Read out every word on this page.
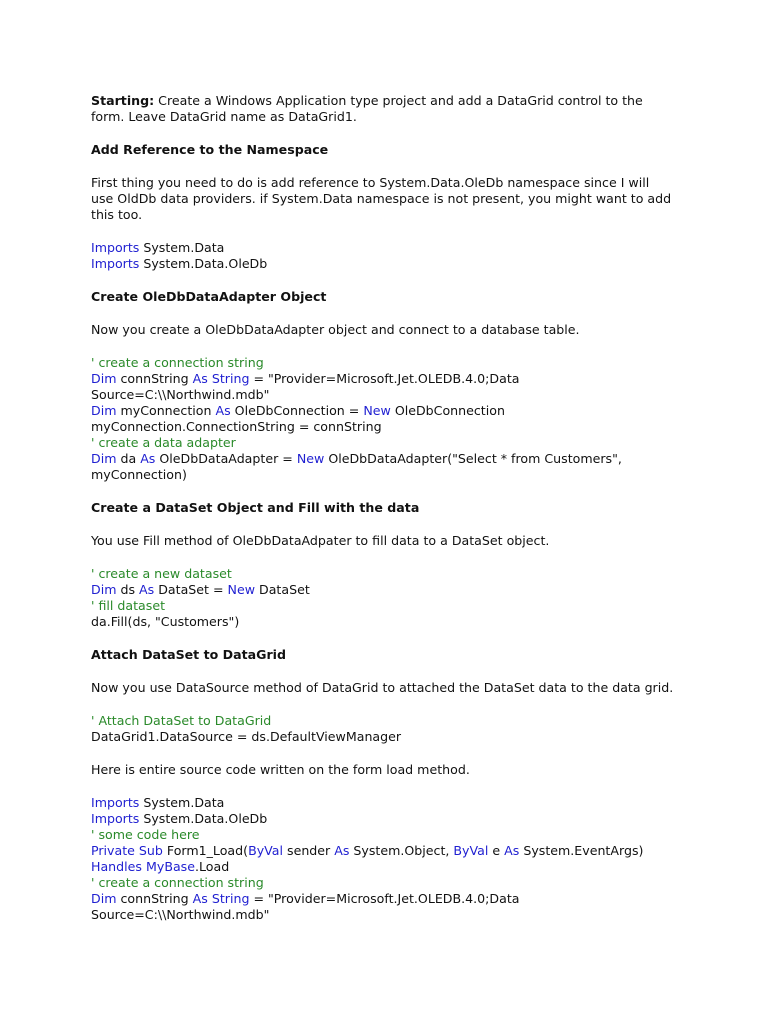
Starting: Create a Windows Application type project and add a DataGrid control to the
form. Leave DataGrid name as DataGrid1.
Add Reference to the Namespace
First thing you need to do is add reference to System.Data.OleDb namespace since I will
use OldDb data providers. if System.Data namespace is not present, you might want to add
this too.
Imports System.Data
Imports System.Data.OleDb
Create OleDbDataAdapter Object
Now you create a OleDbDataAdapter object and connect to a database table.
' create a connection string
Dim connString As String = "Provider=Microsoft.Jet.OLEDB.4.0;Data
Source=C:\\Northwind.mdb"
Dim myConnection As OleDbConnection = New OleDbConnection
myConnection.ConnectionString = connString
' create a data adapter
Dim da As OleDbDataAdapter = New OleDbDataAdapter("Select * from Customers",
myConnection)
Create a DataSet Object and Fill with the data
You use Fill method of OleDbDataAdpater to fill data to a DataSet object.
' create a new dataset
Dim ds As DataSet = New DataSet
' fill dataset
da.Fill(ds, "Customers")
Attach DataSet to DataGrid
Now you use DataSource method of DataGrid to attached the DataSet data to the data grid.
' Attach DataSet to DataGrid
DataGrid1.DataSource = ds.DefaultViewManager
Here is entire source code written on the form load method.
Imports System.Data
Imports System.Data.OleDb
' some code here
Private Sub Form1_Load(ByVal sender As System.Object, ByVal e As System.EventArgs)
Handles MyBase.Load
' create a connection string
Dim connString As String = "Provider=Microsoft.Jet.OLEDB.4.0;Data
Source=C:\\Northwind.mdb"
